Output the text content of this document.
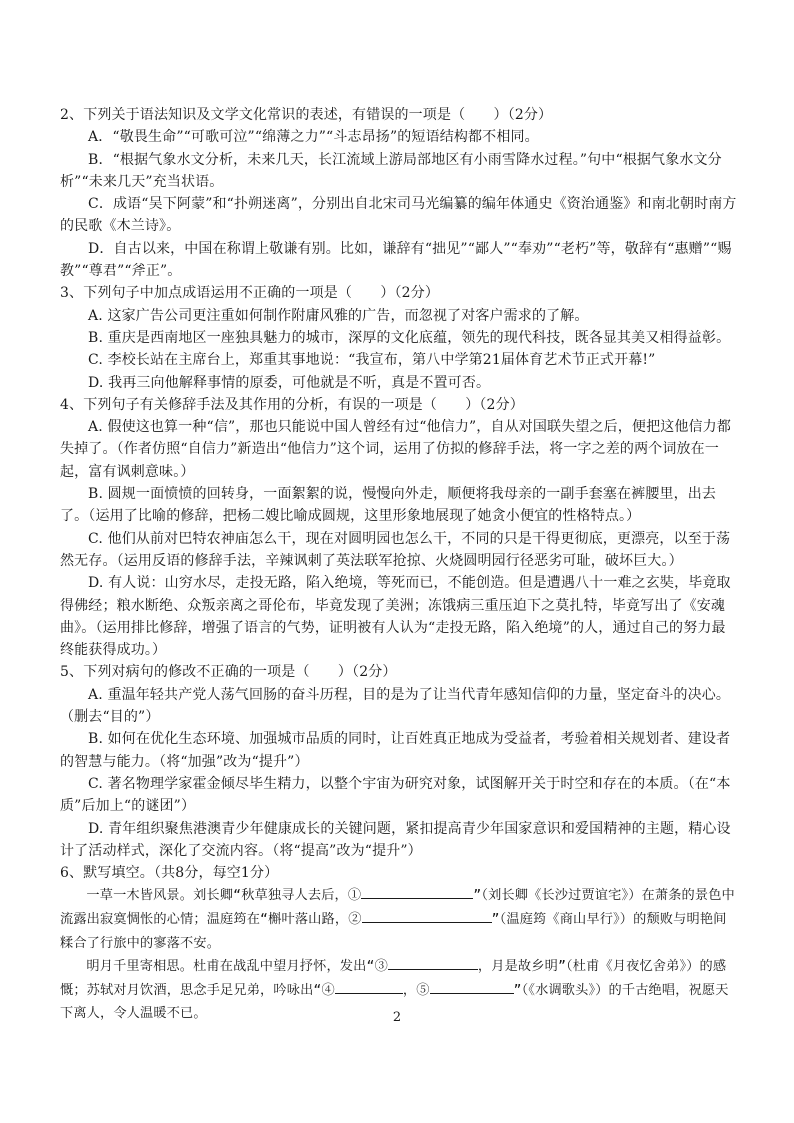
2、下列关于语法知识及文学文化常识的表述，有错误的一项是（　　）（2分）

A．“敬畏生命”“可歌可泣”“绵薄之力”“斗志昂扬”的短语结构都不相同。

B．“根据气象水文分析，未来几天，长江流域上游局部地区有小雨雪降水过程。”句中“根据气象水文分析”“未来几天”充当状语。

C．成语“吴下阿蒙”和“扑朔迷离”，分别出自北宋司马光编纂的编年体通史《资治通鉴》和南北朝时南方的民歌《木兰诗》。

D．自古以来，中国在称谓上敬谦有别。比如，谦辞有“拙见”“鄙人”“奉劝”“老朽”等，敬辞有“惠赠”“赐教”“尊君”“斧正”。

3、下列句子中加点成语运用不正确的一项是（　　）（2分）

A. 这家广告公司更注重如何制作附庸风雅的广告，而忽视了对客户需求的了解。

B. 重庆是西南地区一座独具魅力的城市，深厚的文化底蕴，领先的现代科技，既各显其美又相得益彰。

C. 李校长站在主席台上，郑重其事地说：“我宣布，第八中学第21届体育艺术节正式开幕!”

D. 我再三向他解释事情的原委，可他就是不听，真是不置可否。

4、下列句子有关修辞手法及其作用的分析，有误的一项是（　　）（2分）

A. 假使这也算一种“信”，那也只能说中国人曾经有过“他信力”，自从对国联失望之后，便把这他信力都失掉了。（作者仿照“自信力”新造出“他信力”这个词，运用了仿拟的修辞手法，将一字之差的两个词放在一起，富有讽刺意味。）

B. 圆规一面愤愤的回转身，一面絮絮的说，慢慢向外走，顺便将我母亲的一副手套塞在裤腰里，出去了。（运用了比喻的修辞，把杨二嫂比喻成圆规，这里形象地展现了她贪小便宜的性格特点。）

C. 他们从前对巴特农神庙怎么干，现在对圆明园也怎么干，不同的只是干得更彻底，更漂亮，以至于荡然无存。（运用反语的修辞手法，辛辣讽刺了英法联军抢掠、火烧圆明园行径恶劣可耻，破坏巨大。）

D. 有人说：山穷水尽，走投无路，陷入绝境，等死而已，不能创造。但是遭遇八十一难之玄奘，毕竟取得佛经；粮水断绝、众叛亲离之哥伦布，毕竟发现了美洲；冻饿病三重压迫下之莫扎特，毕竟写出了《安魂曲》。（运用排比修辞，增强了语言的气势，证明被有人认为“走投无路，陷入绝境”的人，通过自己的努力最终能获得成功。）

5、下列对病句的修改不正确的一项是（　　）（2分）

A. 重温年轻共产党人荡气回肠的奋斗历程，目的是为了让当代青年感知信仰的力量，坚定奋斗的决心。（删去“目的”）

B. 如何在优化生态环境、加强城市品质的同时，让百姓真正地成为受益者，考验着相关规划者、建设者的智慧与能力。（将“加强”改为“提升”）

C. 著名物理学家霍金倾尽毕生精力，以整个宇宙为研究对象，试图解开关于时空和存在的本质。（在“本质”后加上“的谜团”）

D. 青年组织聚焦港澳青少年健康成长的关键问题，紧扣提高青少年国家意识和爱国精神的主题，精心设计了活动样式，深化了交流内容。（将“提高”改为“提升”）

6、默写填空。（共8分，每空1分）

一草一木皆风景。刘长卿“秋草独寻人去后，①	”（刘长卿《长沙过贾谊宅》）在萧条的景色中流露出寂寞惆怅的心情；温庭筠在“槲叶落山路，②	”（温庭筠《商山早行》）的颓败与明艳间糅合了行旅中的寥落不安。

明月千里寄相思。杜甫在战乱中望月抒怀，发出“③	，月是故乡明”（杜甫《月夜忆舍弟》）的感慨；苏轼对月饮酒，思念手足兄弟，吟咏出“④	，⑤	”（《水调歌头》）的千古绝唱，祝愿天下离人，令人温暖不已。	2
